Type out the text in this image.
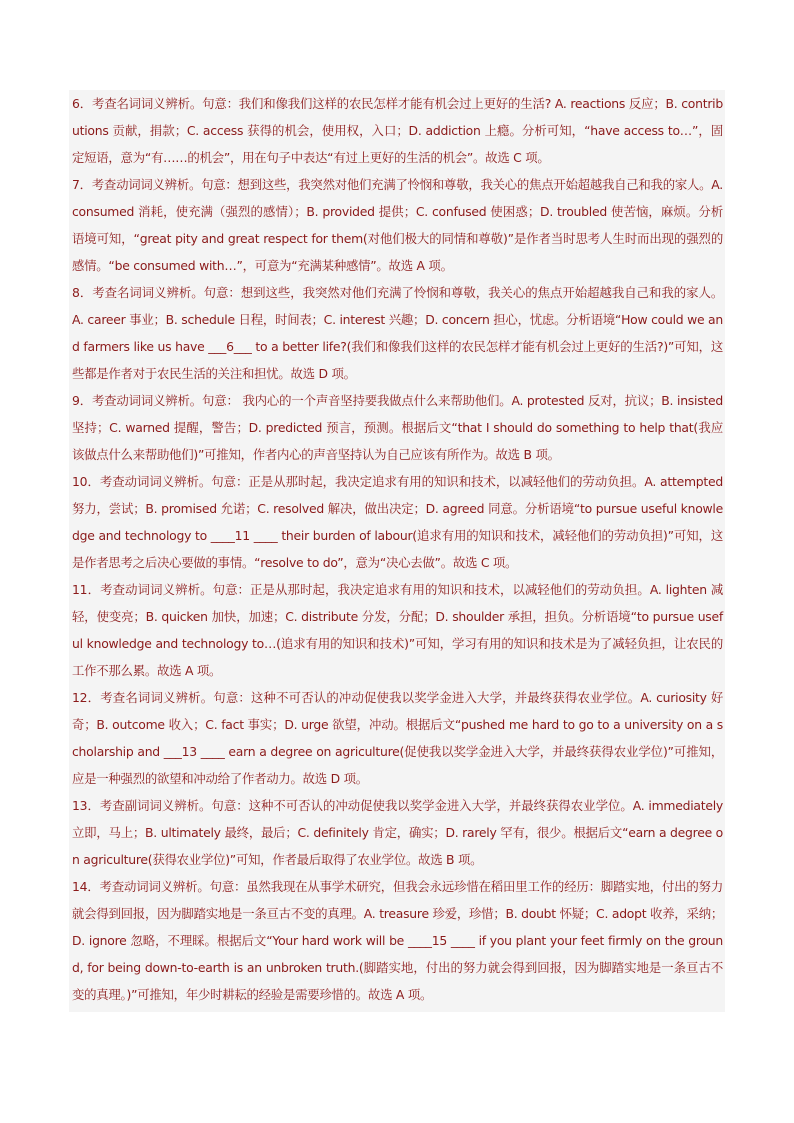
6．考查名词词义辨析。句意：我们和像我们这样的农民怎样才能有机会过上更好的生活? A. reactions 反应；B. contributions 贡献，捐款；C. access 获得的机会，使用权，入口；D. addiction 上瘾。分析可知，“have access to…”，固定短语，意为“有……的机会”，用在句子中表达“有过上更好的生活的机会”。故选 C 项。

7．考查动词词义辨析。句意：想到这些，我突然对他们充满了怜悯和尊敬，我关心的焦点开始超越我自己和我的家人。A. consumed 消耗，使充满（强烈的感情）；B. provided 提供；C. confused 使困惑；D. troubled 使苦恼，麻烦。分析语境可知，“great pity and great respect for them(对他们极大的同情和尊敬)”是作者当时思考人生时而出现的强烈的感情。“be consumed with…”，可意为“充满某种感情”。故选 A 项。

8．考查名词词义辨析。句意：想到这些，我突然对他们充满了怜悯和尊敬，我关心的焦点开始超越我自己和我的家人。 A. career 事业；B. schedule 日程，时间表；C. interest 兴趣；D. concern 担心，忧虑。分析语境“How could we and farmers like us have ___6___ to a better life?(我们和像我们这样的农民怎样才能有机会过上更好的生活?)”可知，这些都是作者对于农民生活的关注和担忧。故选 D 项。

9．考查动词词义辨析。句意： 我内心的一个声音坚持要我做点什么来帮助他们。A. protested 反对，抗议；B. insisted 坚持；C. warned 提醒，警告；D. predicted 预言，预测。根据后文“that I should do something to help that(我应该做点什么来帮助他们)”可推知，作者内心的声音坚持认为自己应该有所作为。故选 B 项。

10．考查动词词义辨析。句意：正是从那时起，我决定追求有用的知识和技术，以减轻他们的劳动负担。A. attempted 努力，尝试；B. promised 允诺；C. resolved 解决，做出决定；D. agreed 同意。分析语境“to pursue useful knowledge and technology to ____11 ____ their burden of labour(追求有用的知识和技术，减轻他们的劳动负担)”可知，这是作者思考之后决心要做的事情。“resolve to do”，意为“决心去做”。故选 C 项。

11．考查动词词义辨析。句意：正是从那时起，我决定追求有用的知识和技术，以减轻他们的劳动负担。A. lighten 减轻，使变亮；B. quicken 加快，加速；C. distribute 分发，分配；D. shoulder 承担，担负。分析语境“to pursue useful knowledge and technology to…(追求有用的知识和技术)”可知，学习有用的知识和技术是为了减轻负担，让农民的工作不那么累。故选 A 项。

12．考查名词词义辨析。句意：这种不可否认的冲动促使我以奖学金进入大学，并最终获得农业学位。A. curiosity 好奇；B. outcome 收入；C. fact 事实；D. urge 欲望，冲动。根据后文“pushed me hard to go to a university on a scholarship and ___13 ____ earn a degree on agriculture(促使我以奖学金进入大学，并最终获得农业学位)”可推知，应是一种强烈的欲望和冲动给了作者动力。故选 D 项。

13．考查副词词义辨析。句意：这种不可否认的冲动促使我以奖学金进入大学，并最终获得农业学位。A. immediately 立即，马上；B. ultimately 最终，最后；C. definitely 肯定，确实；D. rarely 罕有，很少。根据后文“earn a degree on agriculture(获得农业学位)”可知，作者最后取得了农业学位。故选 B 项。

14．考查动词词义辨析。句意：虽然我现在从事学术研究，但我会永远珍惜在稻田里工作的经历：脚踏实地，付出的努力就会得到回报，因为脚踏实地是一条亘古不变的真理。A. treasure 珍爱，珍惜；B. doubt 怀疑；C. adopt 收养，采纳；D. ignore 忽略，不理睬。根据后文“Your hard work will be ____15 ____ if you plant your feet firmly on the ground, for being down-to-earth is an unbroken truth.(脚踏实地，付出的努力就会得到回报，因为脚踏实地是一条亘古不变的真理。)”可推知，年少时耕耘的经验是需要珍惜的。故选 A 项。
